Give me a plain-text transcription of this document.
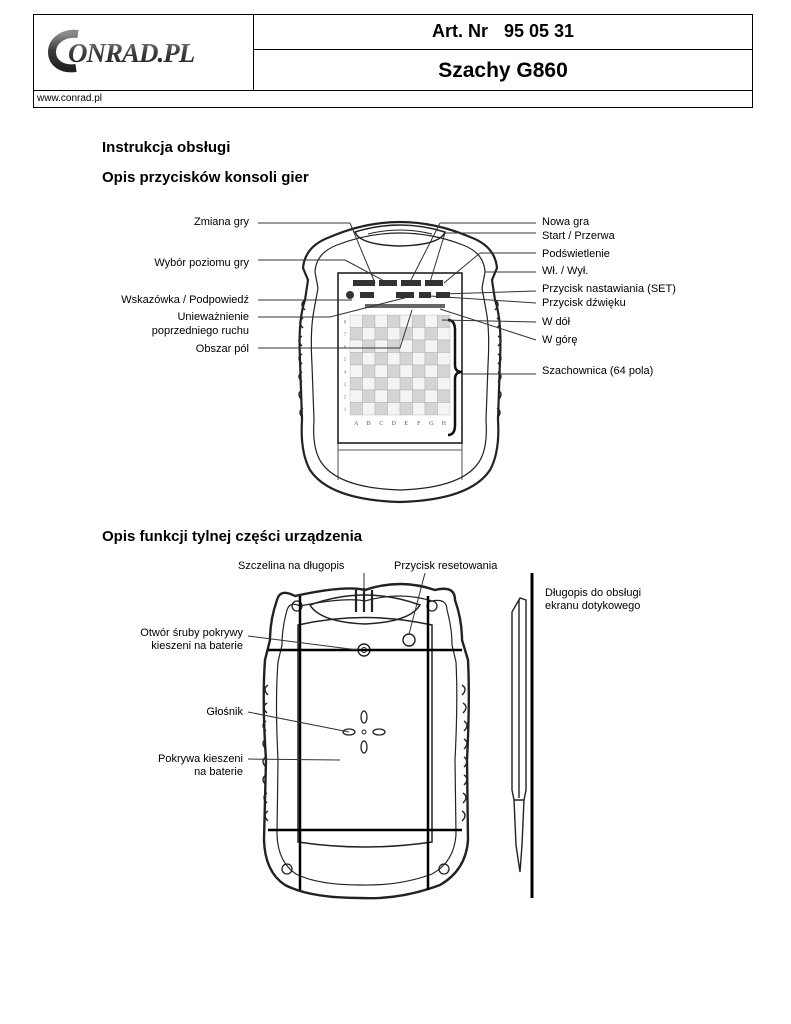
ONRAD.PL
Art. Nr 95 05 31
Szachy G860
www.conrad.pl
Instrukcja obsługi
Opis przycisków konsoli gier
Zmiana gry
Wybór poziomu gry
Wskazówka / Podpowiedź
Unieważnienie
poprzedniego ruchu
Obszar pól
Nowa gra
Start / Przerwa
Podświetlenie
Wł. / Wył.
Przycisk nastawiania (SET)
Przycisk dźwięku
W dół
W górę
Szachownica (64 pola)
A B C D E F G H
8
7
6
5
4
3
2
1
Opis funkcji tylnej części urządzenia
Szczelina na długopis	Przycisk resetowania
Długopis do obsługi
ekranu dotykowego
Otwór śruby pokrywy
kieszeni na baterie
Głośnik
Pokrywa kieszeni
na baterie
